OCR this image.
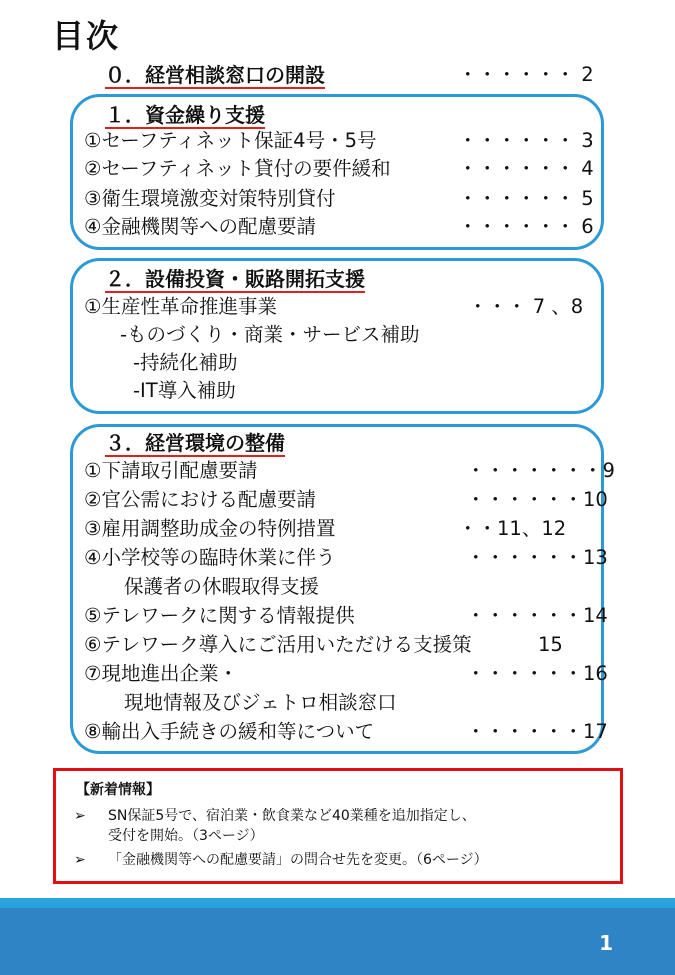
目次
０．経営相談窓口の開設	・・・・・・ 2
１．資金繰り支援
①セーフティネット保証4号・5号	・・・・・・ 3
②セーフティネット貸付の要件緩和	・・・・・・ 4
③衛生環境激変対策特別貸付	・・・・・・ 5
④金融機関等への配慮要請	・・・・・・ 6
２．設備投資・販路開拓支援
①生産性革命推進事業	・・・ 7 、8
-ものづくり・商業・サービス補助
-持続化補助
-IT導入補助
３．経営環境の整備
①下請取引配慮要請	・・・・・・・9
②官公需における配慮要請	・・・・・・10
③雇用調整助成金の特例措置	・・11、12
④小学校等の臨時休業に伴う	・・・・・・13
保護者の休暇取得支援
⑤テレワークに関する情報提供	・・・・・・14
⑥テレワーク導入にご活用いただける支援策	15
⑦現地進出企業・	・・・・・・16
現地情報及びジェトロ相談窓口
⑧輸出入手続きの緩和等について	・・・・・・17
【新着情報】
➢ SN保証5号で、宿泊業・飲食業など40業種を追加指定し、
受付を開始。（3ページ）
➢ 「金融機関等への配慮要請」の問合せ先を変更。（6ページ）
1
